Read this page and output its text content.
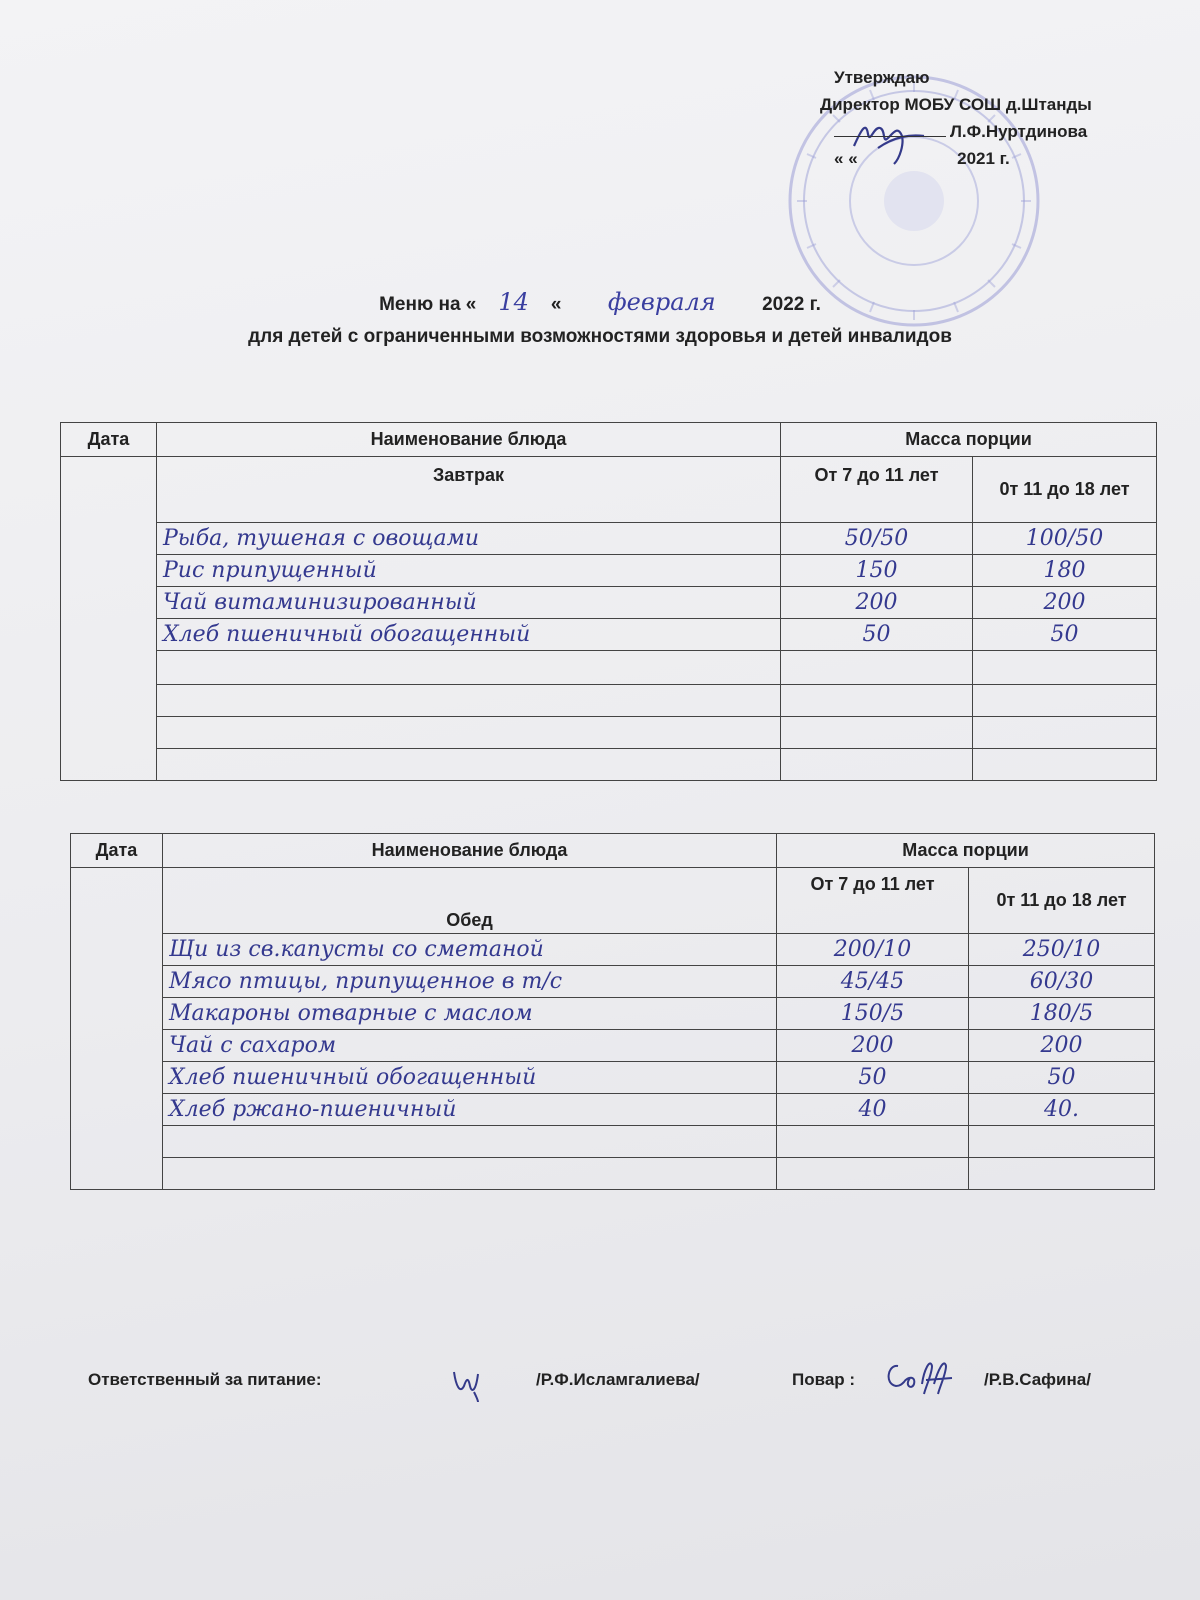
Утверждаю
Директор МОБУ СОШ д.Штанды
Л.Ф.Нуртдинова
« «	2021 г.
Меню на « 14 « февраля 2022 г.
для детей с ограниченными возможностями здоровья и детей инвалидов
Дата	Наименование блюда	Масса порции	
	Завтрак	От 7 до 11 лет	0т 11 до 18 лет
	Рыба, тушеная с овощами	50/50	100/50
	Рис припущенный	150	180
	Чай витаминизированный	200	200
	Хлеб пшеничный обогащенный	50	50

Дата	Наименование блюда	Масса порции	
	Обед	От 7 до 11 лет	0т 11 до 18 лет
	Щи из св.капусты со сметаной	200/10	250/10
	Мясо птицы, припущенное в т/с	45/45	60/30
	Макароны отварные с маслом	150/5	180/5
	Чай с сахаром	200	200
	Хлеб пшеничный обогащенный	50	50
	Хлеб ржано-пшеничный	40	40.

Ответственный за питание:	/Р.Ф.Исламгалиева/	Повар :	/Р.В.Сафина/
